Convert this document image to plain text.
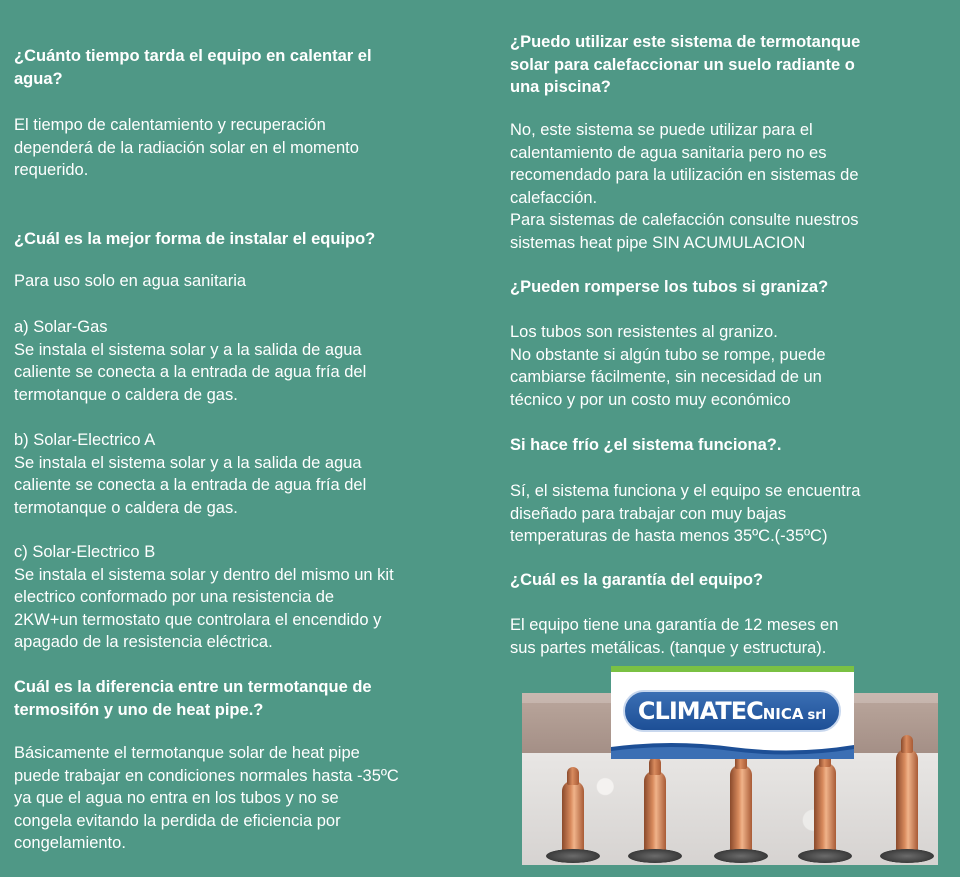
¿Cuánto tiempo tarda el equipo en calentar el
agua?
El tiempo de calentamiento y recuperación
dependerá de la radiación solar en el momento
requerido.
¿Cuál es la mejor forma de instalar el equipo?
Para uso solo en agua sanitaria
a) Solar-Gas
Se instala el sistema solar y a la salida de agua
caliente se conecta a la entrada de agua fría del
termotanque o caldera de gas.
b) Solar-Electrico A
Se instala el sistema solar y a la salida de agua
caliente se conecta a la entrada de agua fría del
termotanque o caldera de gas.
c) Solar-Electrico B
Se instala el sistema solar y dentro del mismo un kit
electrico conformado por una resistencia de
2KW+un termostato que controlara el encendido y
apagado de la resistencia eléctrica.
Cuál es la diferencia entre un termotanque de
termosifón y uno de heat pipe.?
Básicamente el termotanque solar de heat pipe
puede trabajar en condiciones normales hasta -35ºC
ya que el agua no entra en los tubos y no se
congela evitando la perdida de eficiencia por
congelamiento.
¿Puedo utilizar este sistema de termotanque
solar para calefaccionar un suelo radiante o
una piscina?
No, este sistema se puede utilizar para el
calentamiento de agua sanitaria pero no es
recomendado para la utilización en sistemas de
calefacción.
Para sistemas de calefacción consulte nuestros
sistemas heat pipe SIN ACUMULACION
¿Pueden romperse los tubos si graniza?
Los tubos son resistentes al granizo.
No obstante si algún tubo se rompe, puede
cambiarse fácilmente, sin necesidad de un
técnico y por un costo muy económico
Si hace frío ¿el sistema funciona?.
Sí, el sistema funciona y el equipo se encuentra
diseñado para trabajar con muy bajas
temperaturas de hasta menos 35ºC.(-35ºC)
¿Cuál es la garantía del equipo?
El equipo tiene una garantía de 12 meses en
sus partes metálicas. (tanque y estructura).
CLIMATECNICA srl
